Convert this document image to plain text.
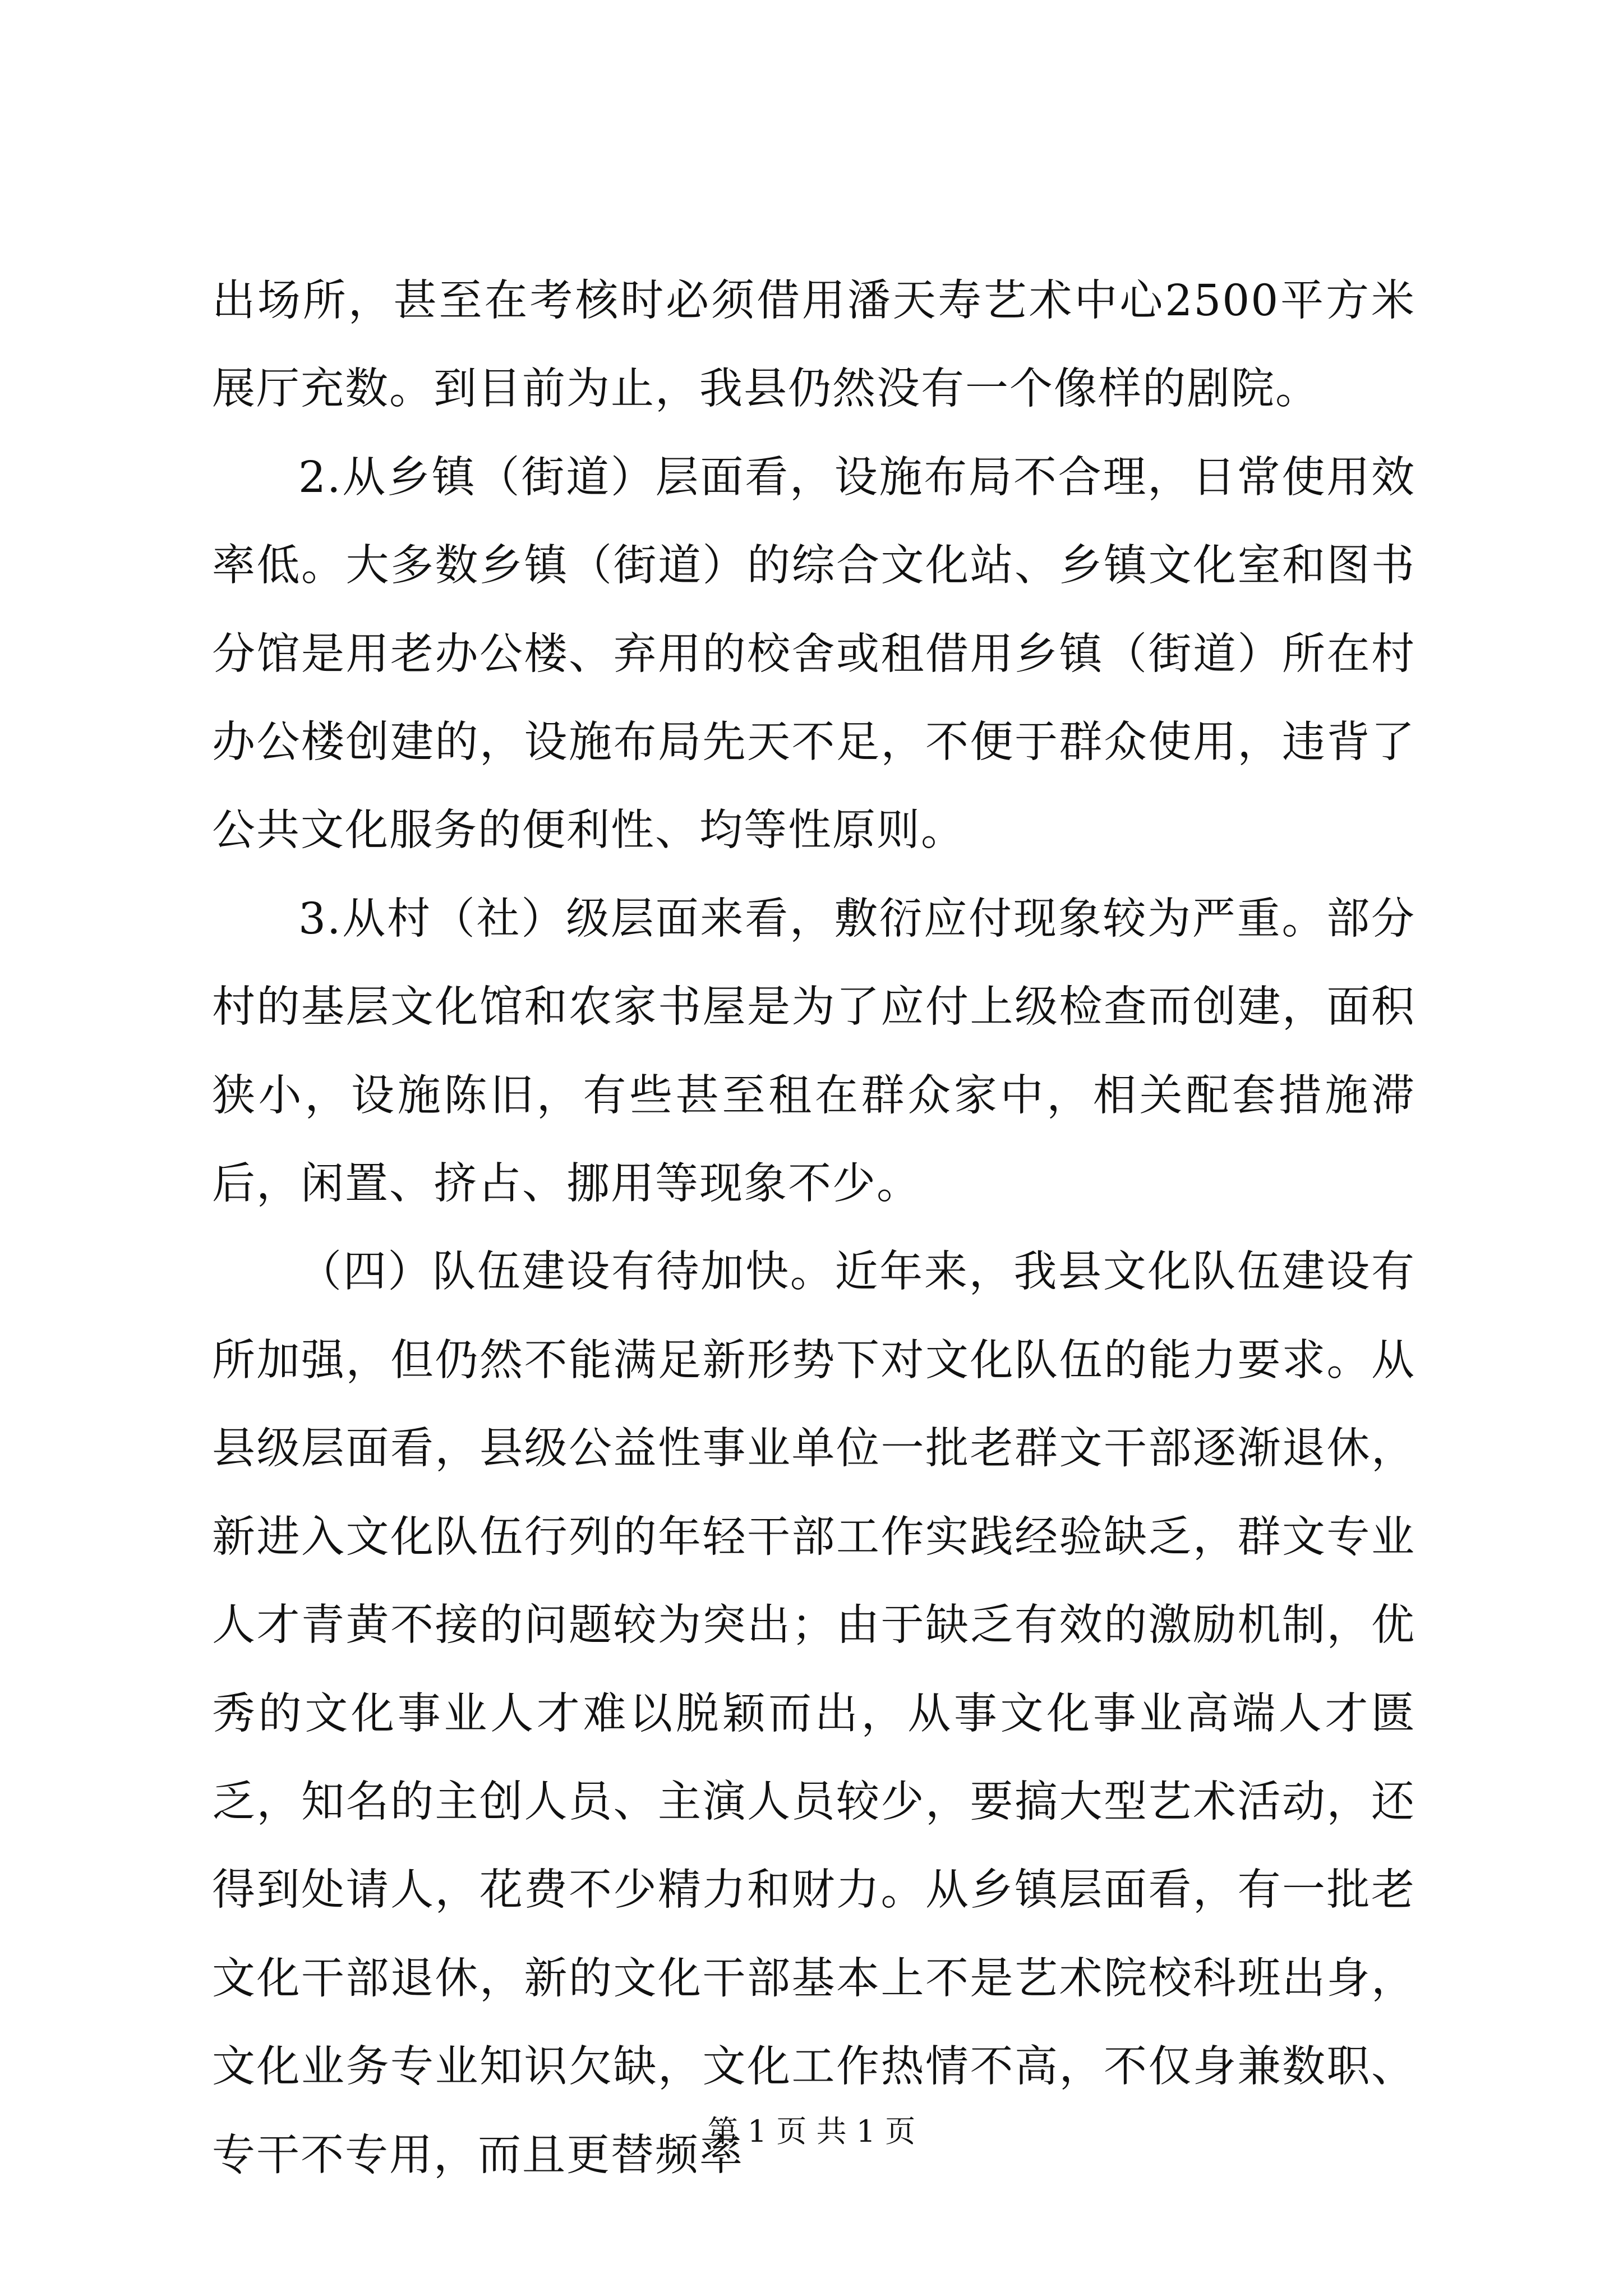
出场所，甚至在考核时必须借用潘天寿艺术中心2500平方米展厅充数。到目前为止，我县仍然没有一个像样的剧院。

2.从乡镇（街道）层面看，设施布局不合理，日常使用效率低。大多数乡镇（街道）的综合文化站、乡镇文化室和图书分馆是用老办公楼、弃用的校舍或租借用乡镇（街道）所在村办公楼创建的，设施布局先天不足，不便于群众使用，违背了公共文化服务的便利性、均等性原则。

3.从村（社）级层面来看，敷衍应付现象较为严重。部分村的基层文化馆和农家书屋是为了应付上级检查而创建，面积狭小，设施陈旧，有些甚至租在群众家中，相关配套措施滞后，闲置、挤占、挪用等现象不少。

（四）队伍建设有待加快。近年来，我县文化队伍建设有所加强，但仍然不能满足新形势下对文化队伍的能力要求。从县级层面看，县级公益性事业单位一批老群文干部逐渐退休，新进入文化队伍行列的年轻干部工作实践经验缺乏，群文专业人才青黄不接的问题较为突出；由于缺乏有效的激励机制，优秀的文化事业人才难以脱颖而出，从事文化事业高端人才匮乏，知名的主创人员、主演人员较少，要搞大型艺术活动，还得到处请人，花费不少精力和财力。从乡镇层面看，有一批老文化干部退休，新的文化干部基本上不是艺术院校科班出身，文化业务专业知识欠缺，文化工作热情不高，不仅身兼数职、专干不专用，而且更替频率

第 1 页 共 1 页
